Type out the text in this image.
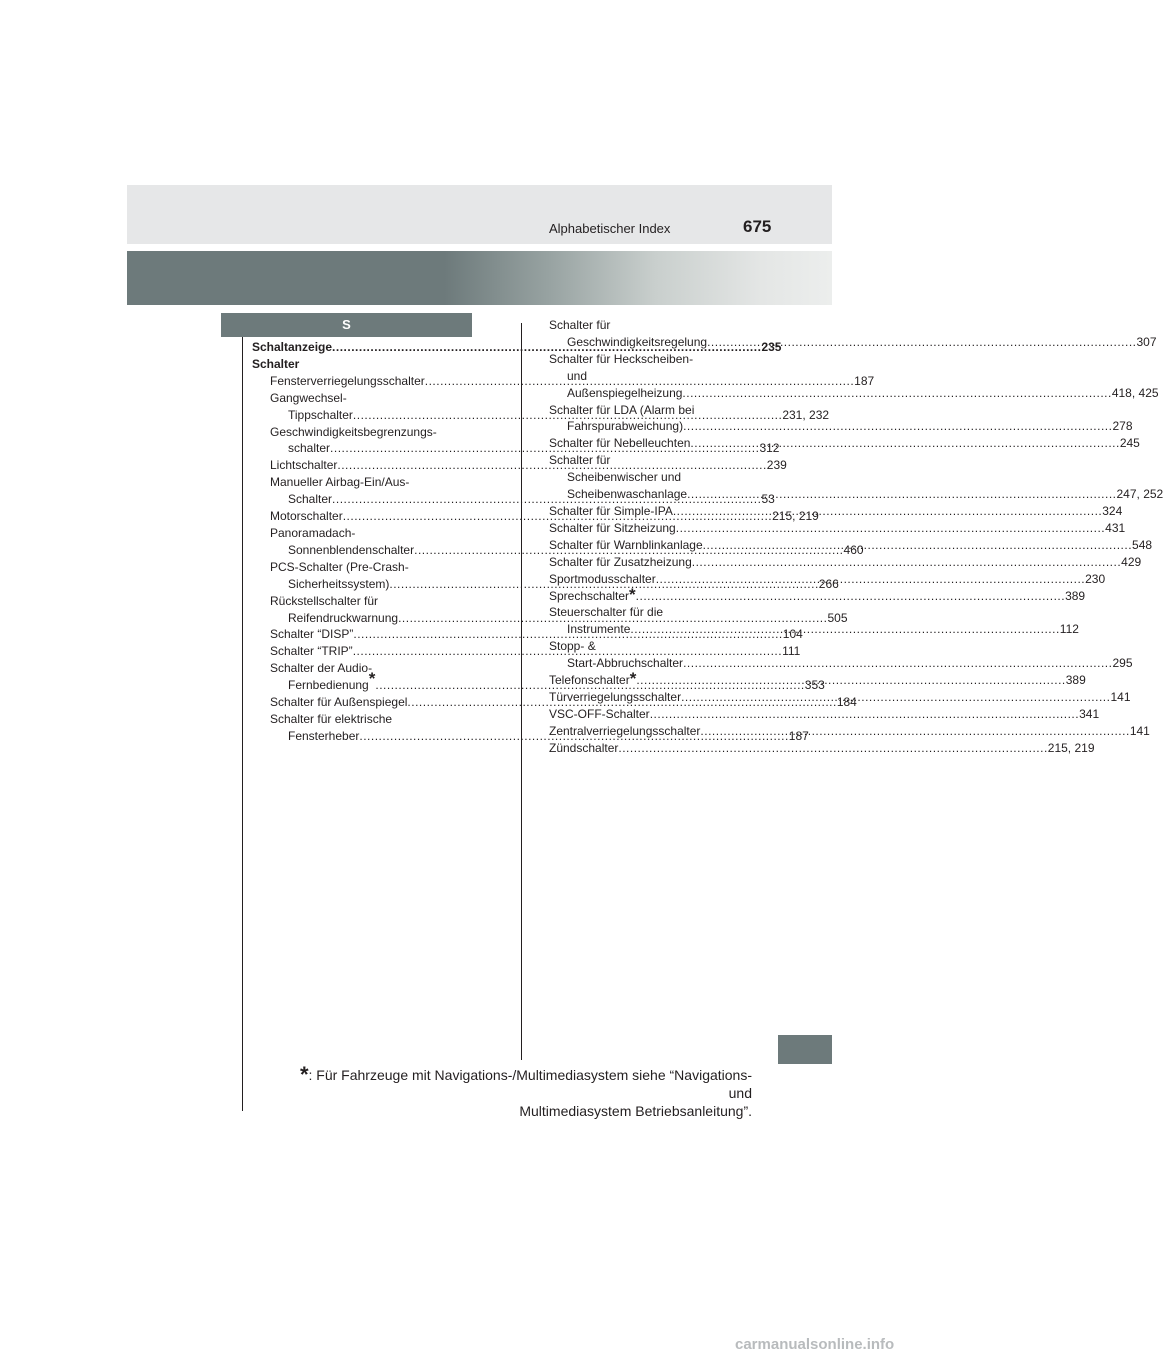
Alphabetischer Index	675
S
Schaltanzeige .....	235
Schalter
Fensterverriegelungsschalter .....	187
Gangwechsel-
Tippschalter .....	231, 232
Geschwindigkeitsbegrenzungs-
schalter .....	312
Lichtschalter .....	239
Manueller Airbag-Ein/Aus-
Schalter .....	53
Motorschalter .....	215, 219
Panoramadach-
Sonnenblendenschalter .....	460
PCS-Schalter (Pre-Crash-
Sicherheitssystem) .....	266
Rückstellschalter für
Reifendruckwarnung .....	505
Schalter “DISP” .....	104
Schalter “TRIP” .....	111
Schalter der Audio-
Fernbedienung* .....	353
Schalter für Außenspiegel .....	184
Schalter für elektrische
Fensterheber .....	187
Schalter für
Geschwindigkeitsregelung .....	307
Schalter für Heckscheiben-
und
Außenspiegelheizung .....	418, 425
Schalter für LDA (Alarm bei
Fahrspurabweichung) .....	278
Schalter für Nebelleuchten .....	245
Schalter für
Scheibenwischer und
Scheibenwaschanlage .....	247, 252
Schalter für Simple-IPA .....	324
Schalter für Sitzheizung .....	431
Schalter für Warnblinkanlage .....	548
Schalter für Zusatzheizung .....	429
Sportmodusschalter .....	230
Sprechschalter * .....	389
Steuerschalter für die
Instrumente .....	112
Stopp- &
Start-Abbruchschalter .....	295
Telefonschalter * .....	389
Türverriegelungsschalter .....	141
VSC-OFF-Schalter .....	341
Zentralverriegelungsschalter .....	141
Zündschalter .....	215, 219
*: Für Fahrzeuge mit Navigations-/Multimediasystem siehe “Navigations- und
Multimediasystem Betriebsanleitung”.
carmanualsonline.info
